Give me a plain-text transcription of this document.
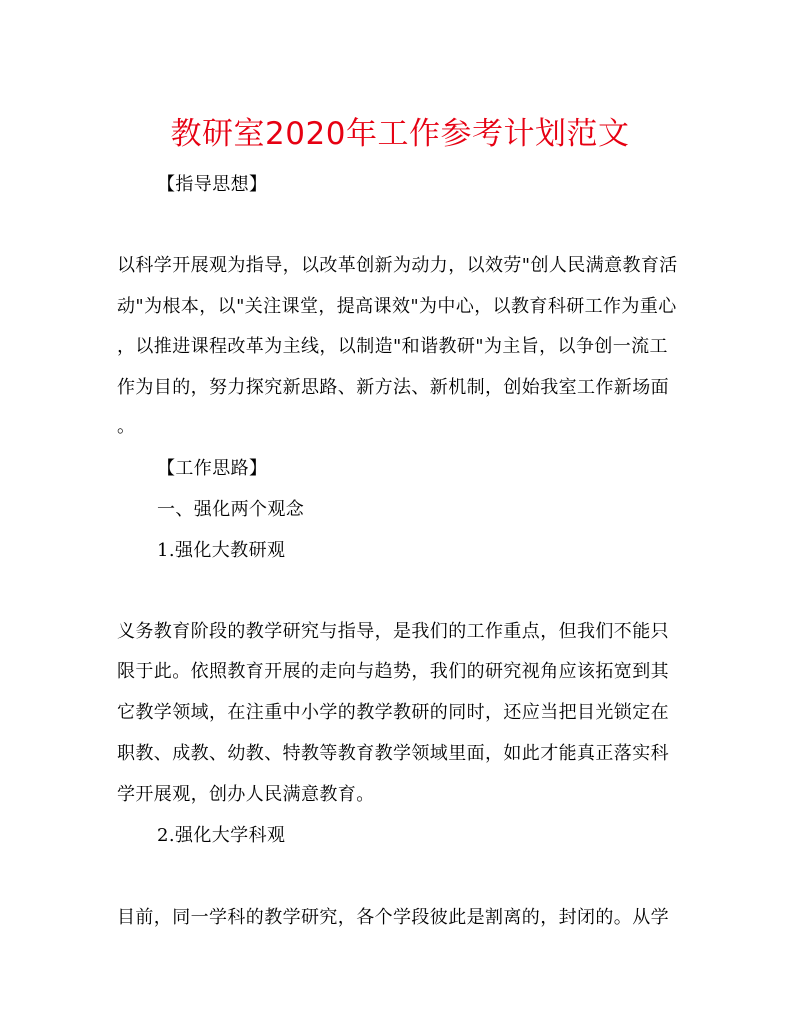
教研室2020年工作参考计划范文
【指导思想】
以科学开展观为指导，以改革创新为动力，以效劳"创人民满意教育活
动"为根本，以"关注课堂，提高课效"为中心，以教育科研工作为重心
，以推进课程改革为主线，以制造"和谐教研"为主旨，以争创一流工
作为目的，努力探究新思路、新方法、新机制，创始我室工作新场面
。
【工作思路】
一、强化两个观念
1.强化大教研观
义务教育阶段的教学研究与指导，是我们的工作重点，但我们不能只
限于此。依照教育开展的走向与趋势，我们的研究视角应该拓宽到其
它教学领域，在注重中小学的教学教研的同时，还应当把目光锁定在
职教、成教、幼教、特教等教育教学领域里面，如此才能真正落实科
学开展观，创办人民满意教育。
2.强化大学科观
目前，同一学科的教学研究，各个学段彼此是割离的，封闭的。从学
